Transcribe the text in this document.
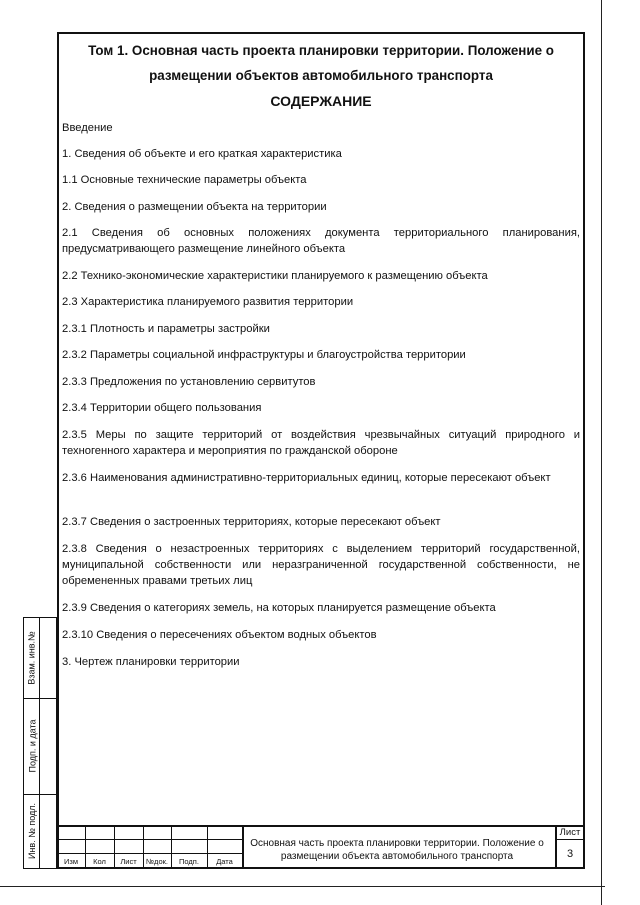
Том 1. Основная часть проекта планировки территории. Положение о
размещении объектов автомобильного транспорта
СОДЕРЖАНИЕ
Введение
1. Сведения об объекте и его краткая характеристика
1.1 Основные технические параметры объекта
2. Сведения о размещении объекта на территории
2.1 Сведения об основных положениях документа территориального планирования, предусматривающего размещение линейного объекта
2.2 Технико-экономические характеристики планируемого к размещению объекта
2.3 Характеристика планируемого развития территории
2.3.1 Плотность и параметры застройки
2.3.2 Параметры социальной инфраструктуры и благоустройства территории
2.3.3 Предложения по установлению сервитутов
2.3.4 Территории общего пользования
2.3.5 Меры по защите территорий от воздействия чрезвычайных ситуаций природного и техногенного характера и мероприятия по гражданской обороне
2.3.6 Наименования административно-территориальных единиц, которые пересекают объект
2.3.7 Сведения о застроенных территориях, которые пересекают объект
2.3.8 Сведения о незастроенных территориях с выделением территорий государственной, муниципальной собственности или неразграниченной государственной собственности, не обремененных правами третьих лиц
2.3.9 Сведения о категориях земель, на которых планируется размещение объекта
2.3.10 Сведения о пересечениях объектом водных объектов
3. Чертеж планировки территории
Взам. инв.№
Подп. и дата
Инв. № подл.
Изм	Кол	Лист	№док.	Подп.	Дата
Основная часть проекта планировки территории. Положение о
размещении объекта автомобильного транспорта
Лист
3
